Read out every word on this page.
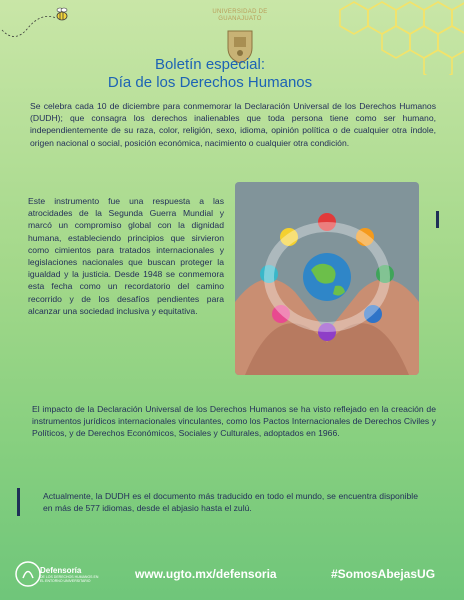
UNIVERSIDAD DE GUANAJUATO
Boletín especial:
Día de los Derechos Humanos
Se celebra cada 10 de diciembre para conmemorar la Declaración Universal de los Derechos Humanos (DUDH); que consagra los derechos inalienables que toda persona tiene como ser humano, independientemente de su raza, color, religión, sexo, idioma, opinión política o de cualquier otra índole, origen nacional o social, posición económica, nacimiento o cualquier otra condición.
Este instrumento fue una respuesta a las atrocidades de la Segunda Guerra Mundial y marcó un compromiso global con la dignidad humana, estableciendo principios que sirvieron como cimientos para tratados internacionales y legislaciones nacionales que buscan proteger la igualdad y la justicia. Desde 1948 se conmemora esta fecha como un recordatorio del camino recorrido y de los desafíos pendientes para alcanzar una sociedad inclusiva y equitativa.
El impacto de la Declaración Universal de los Derechos Humanos se ha visto reflejado en la creación de instrumentos jurídicos internacionales vinculantes, como los Pactos Internacionales de Derechos Civiles y Políticos, y de Derechos Económicos, Sociales y Culturales, adoptados en 1966.
Actualmente, la DUDH es el documento más traducido en todo el mundo, se encuentra disponible en más de 577 idiomas, desde el abjasio hasta el zulú.
Defensoría
DE LOS DERECHOS HUMANOS EN EL ENTORNO UNIVERSITARIO	www.ugto.mx/defensoria	#SomosAbejasUG
